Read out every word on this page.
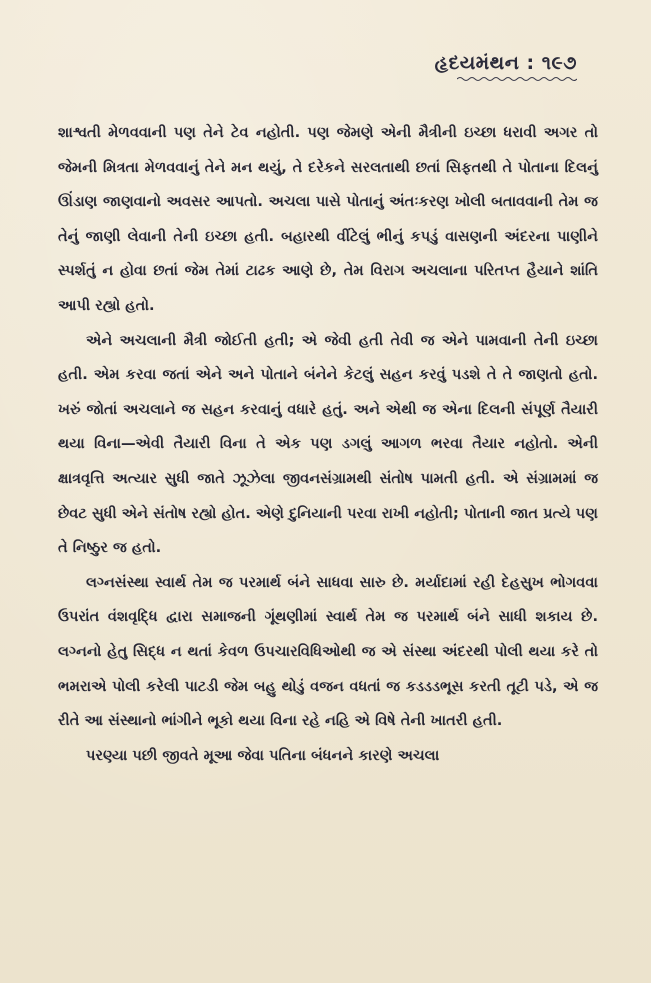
હૃદયમંથન : ૧૯૭

શાશ્વતી મેળવવાની પણ તેને ટેવ નહોતી. પણ જેમણે એની મૈત્રીની ઇચ્છા ધરાવી અગર તો જેમની મિત્રતા મેળવવાનું તેને મન થયું, તે દરેકને સરલતાથી છતાં સિફતથી તે પોતાના દિલનું ઊંડાણ જાણવાનો અવસર આપતો. અચલા પાસે પોતાનું અંતઃકરણ ખોલી બતાવવાની તેમ જ તેનું જાણી લેવાની તેની ઇચ્છા હતી. બહારથી વીંટેલું ભીનું કપડું વાસણની અંદરના પાણીને સ્પર્શતું ન હોવા છતાં જેમ તેમાં ટાઢક આણે છે, તેમ વિરાગ અચલાના પરિતપ્ત હૈયાને શાંતિ આપી રહ્યો હતો.

એને અચલાની મૈત્રી જોઈતી હતી; એ જેવી હતી તેવી જ એને પામવાની તેની ઇચ્છા હતી. એમ કરવા જતાં એને અને પોતાને બંનેને કેટલું સહન કરવું પડશે તે તે જાણતો હતો. ખરું જોતાં અચલાને જ સહન કરવાનું વધારે હતું. અને એથી જ એના દિલની સંપૂર્ણ તૈયારી થયા વિના—એવી તૈયારી વિના તે એક પણ ડગલું આગળ ભરવા તૈયાર નહોતો. એની ક્ષાત્રવૃત્તિ અત્યાર સુધી જાતે ઝૂઝેલા જીવનસંગ્રામથી સંતોષ પામતી હતી. એ સંગ્રામમાં જ છેવટ સુધી એને સંતોષ રહ્યો હોત. એણે દુનિયાની પરવા રાખી નહોતી; પોતાની જાત પ્રત્યે પણ તે નિષ્ઠુર જ હતો.

લગ્નસંસ્થા સ્વાર્થ તેમ જ પરમાર્થ બંને સાધવા સારુ છે. મર્યાદામાં રહી દેહસુખ ભોગવવા ઉપરાંત વંશવૃદ્ધિ દ્વારા સમાજની ગૂંથણીમાં સ્વાર્થ તેમ જ પરમાર્થ બંને સાધી શકાય છે. લગ્નનો હેતુ સિદ્ધ ન થતાં કેવળ ઉપચારવિધિઓથી જ એ સંસ્થા અંદરથી પોલી થયા કરે તો ભમરાએ પોલી કરેલી પાટડી જેમ બહુ થોડું વજન વધતાં જ કડડડભૂસ કરતી તૂટી પડે, એ જ રીતે આ સંસ્થાનો ભાંગીને ભૂકો થયા વિના રહે નહિ એ વિષે તેની ખાતરી હતી.

પરણ્યા પછી જીવતે મૂઆ જેવા પતિના બંધનને કારણે અચલા
